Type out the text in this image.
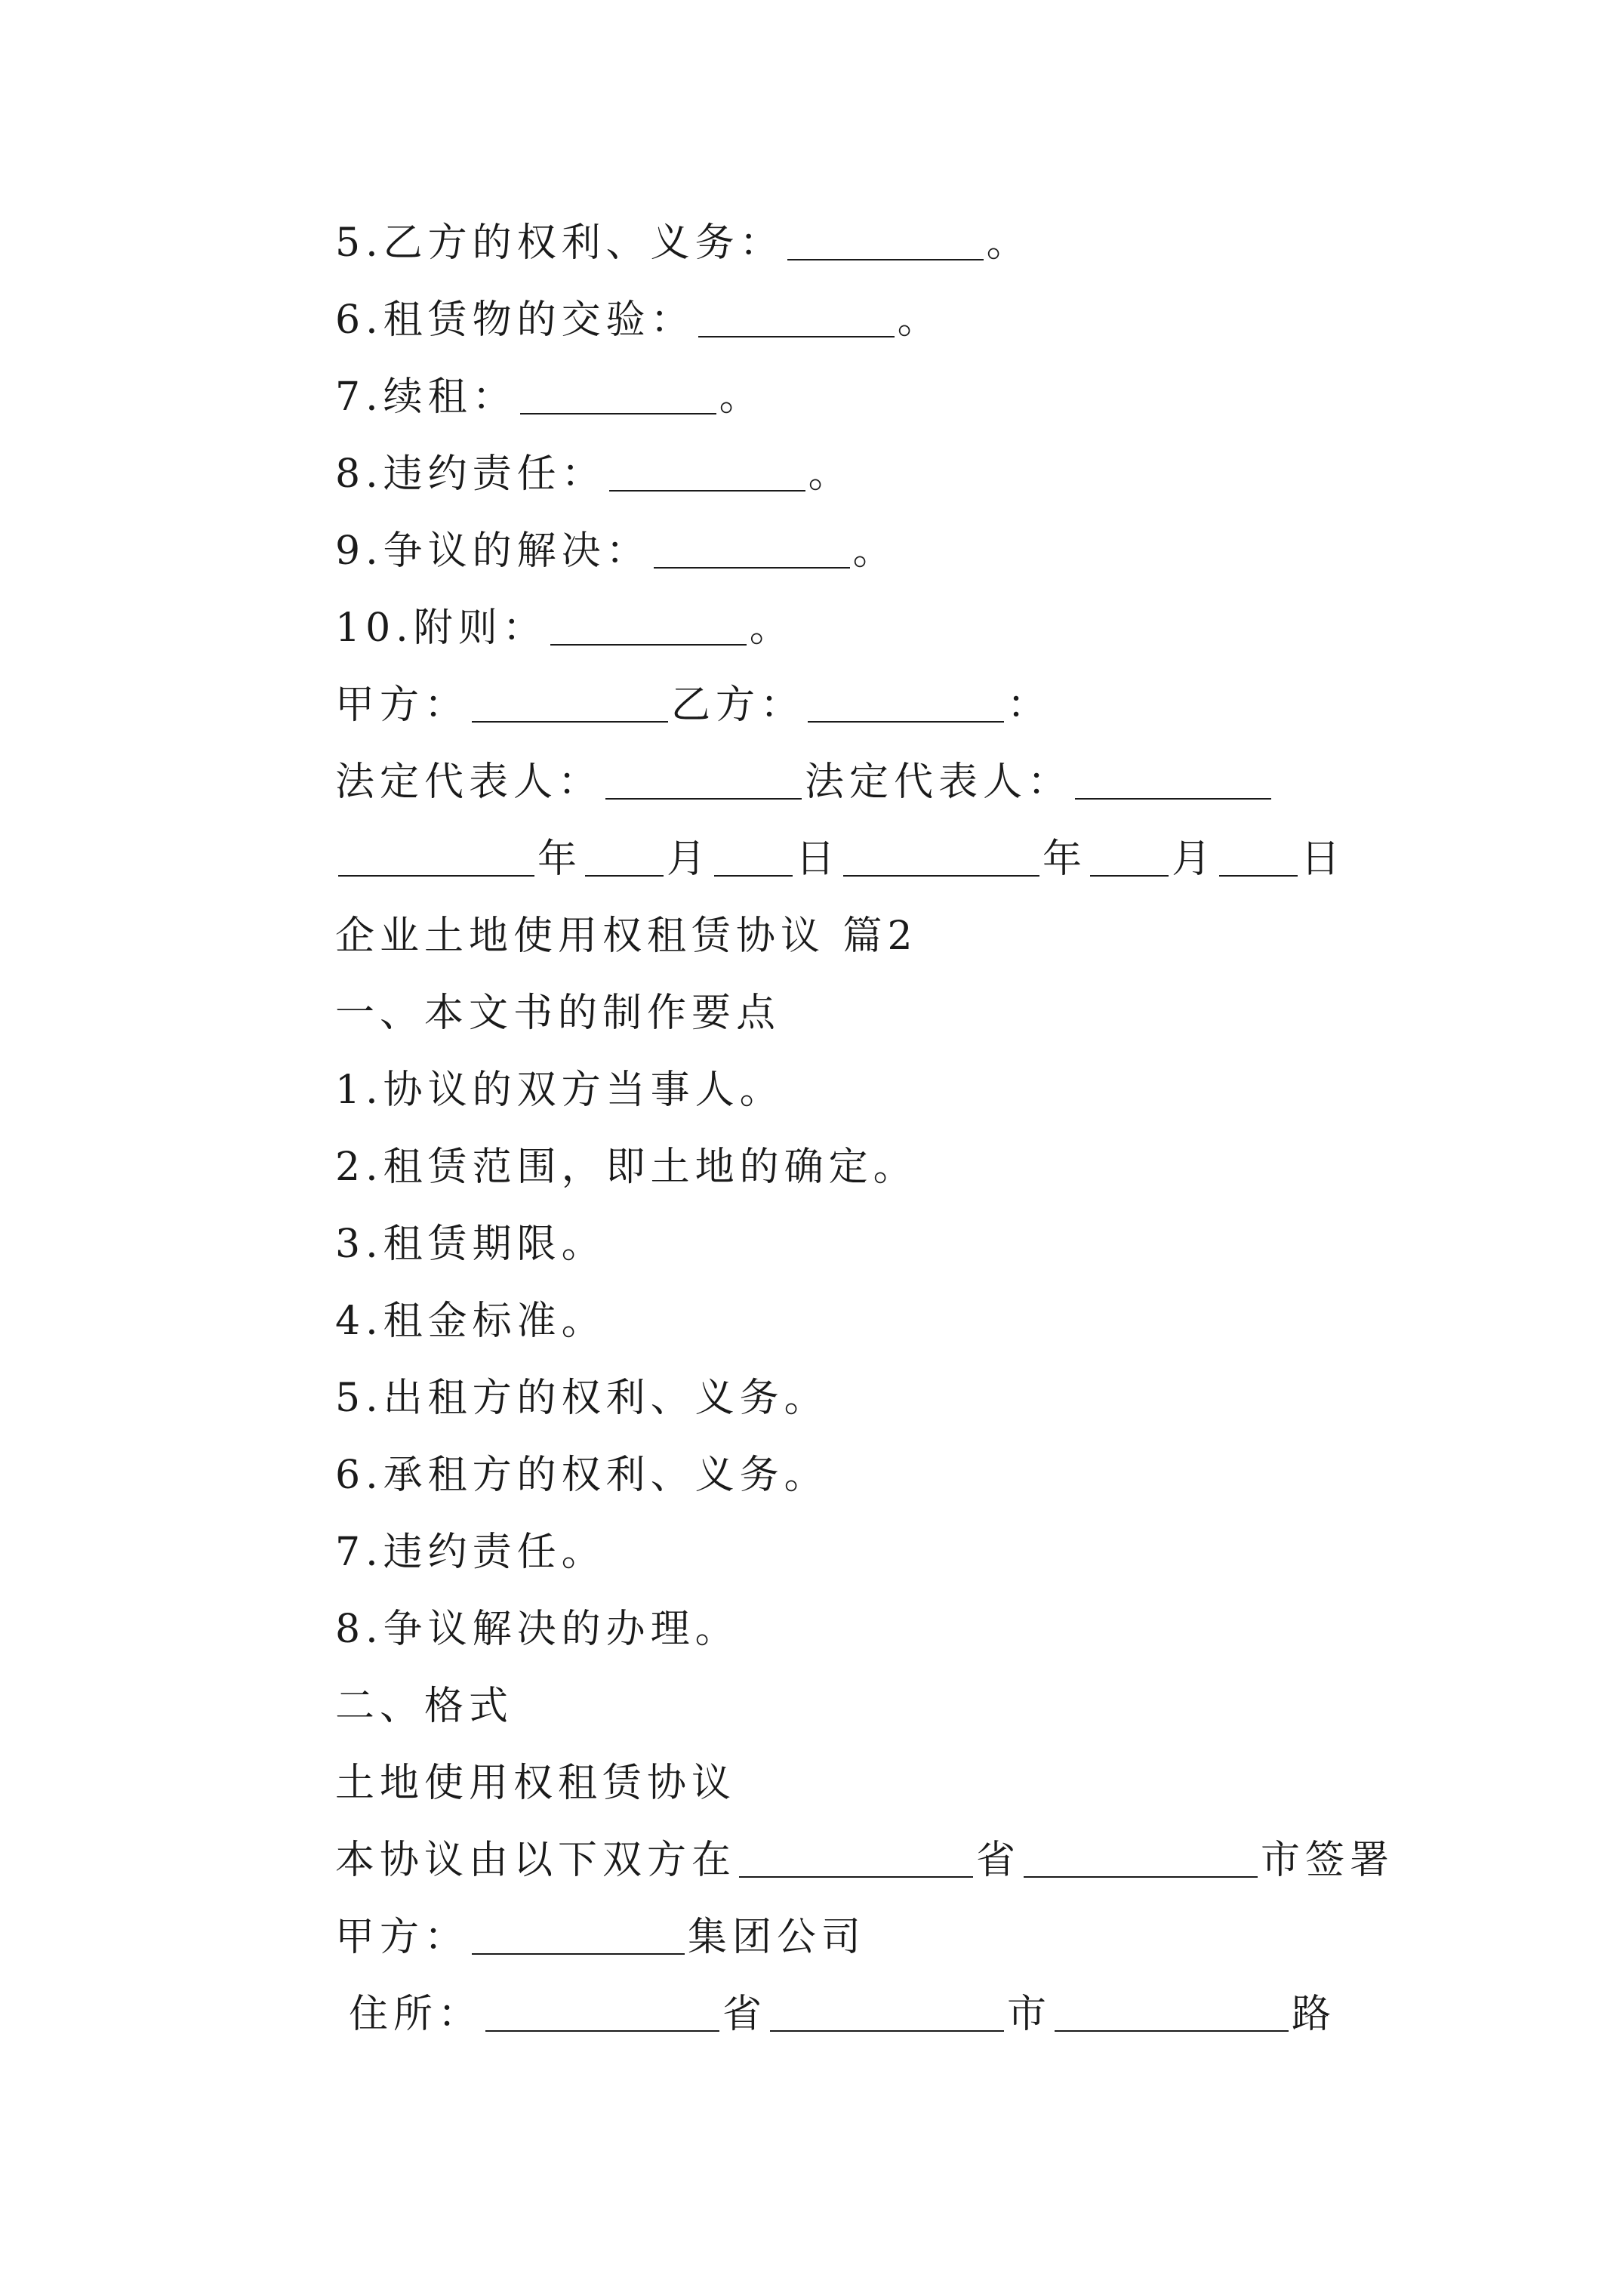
5.乙方的权利、义务：	。
6.租赁物的交验：	。
7.续租：	。
8.违约责任：	。
9.争议的解决：	。
10.附则：	。
甲方：	乙方：	：
法定代表人：	法定代表人：
年 月 日	年 月 日
企业土地使用权租赁协议 篇2
一、本文书的制作要点
1.协议的双方当事人。
2.租赁范围，即土地的确定。
3.租赁期限。
4.租金标准。
5.出租方的权利、义务。
6.承租方的权利、义务。
7.违约责任。
8.争议解决的办理。
二、格式
土地使用权租赁协议
本协议由以下双方在	省	市签署
甲方：	集团公司
住所：	省	市	路
